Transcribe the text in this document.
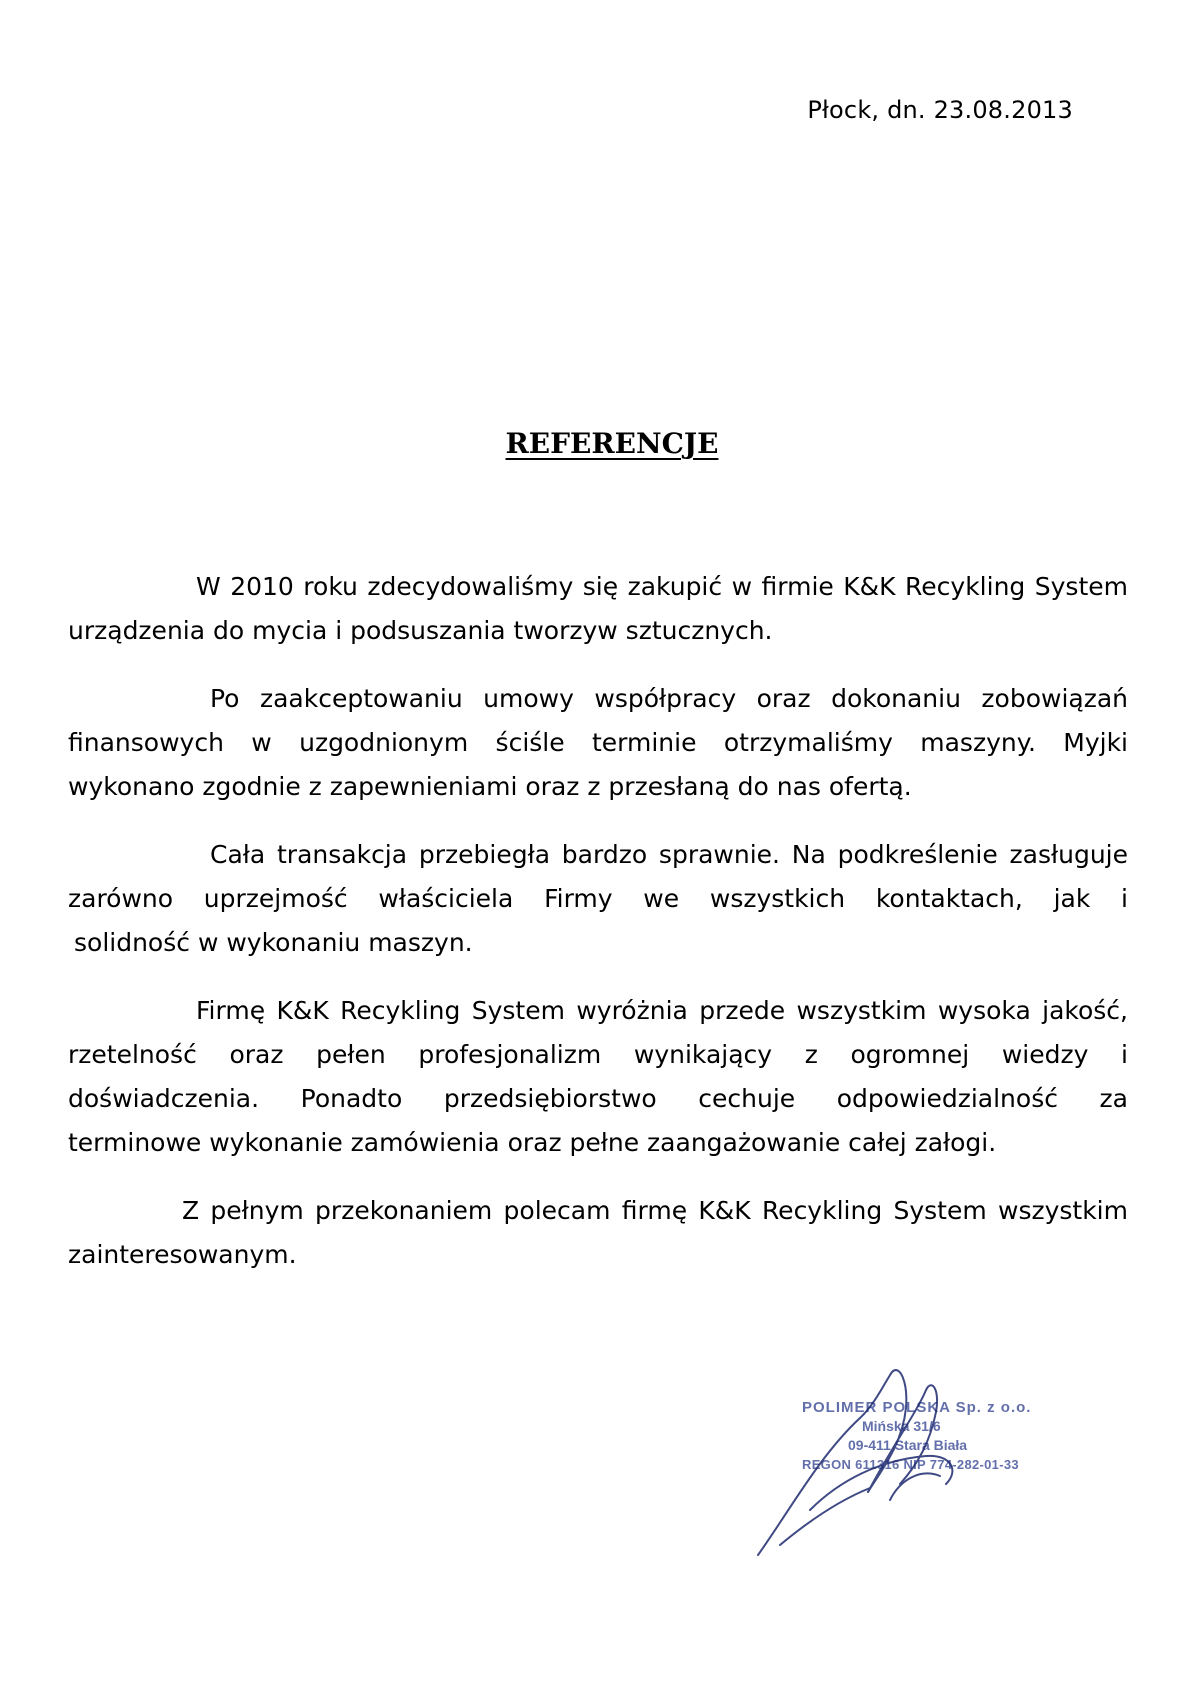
Płock, dn. 23.08.2013
REFERENCJE

W 2010 roku zdecydowaliśmy się zakupić w firmie K&K Recykling System
urządzenia do mycia i podsuszania tworzyw sztucznych.

Po zaakceptowaniu umowy współpracy oraz dokonaniu zobowiązań
finansowych w uzgodnionym ściśle terminie otrzymaliśmy maszyny. Myjki
wykonano zgodnie z zapewnieniami oraz z przesłaną do nas ofertą.

Cała transakcja przebiegła bardzo sprawnie. Na podkreślenie zasługuje
zarówno uprzejmość właściciela Firmy we wszystkich kontaktach, jak i
solidność w wykonaniu maszyn.

Firmę K&K Recykling System wyróżnia przede wszystkim wysoka jakość,
rzetelność oraz pełen profesjonalizm wynikający z ogromnej wiedzy i
doświadczenia. Ponadto przedsiębiorstwo cechuje odpowiedzialność za
terminowe wykonanie zamówienia oraz pełne zaangażowanie całej załogi.

Z pełnym przekonaniem polecam firmę K&K Recykling System wszystkim
zainteresowanym.

POLIMER POLSKA Sp. z o.o.
Mińska 31/6
09-411 Stara Biała
REGON 611316 NIP 774-282-01-33
